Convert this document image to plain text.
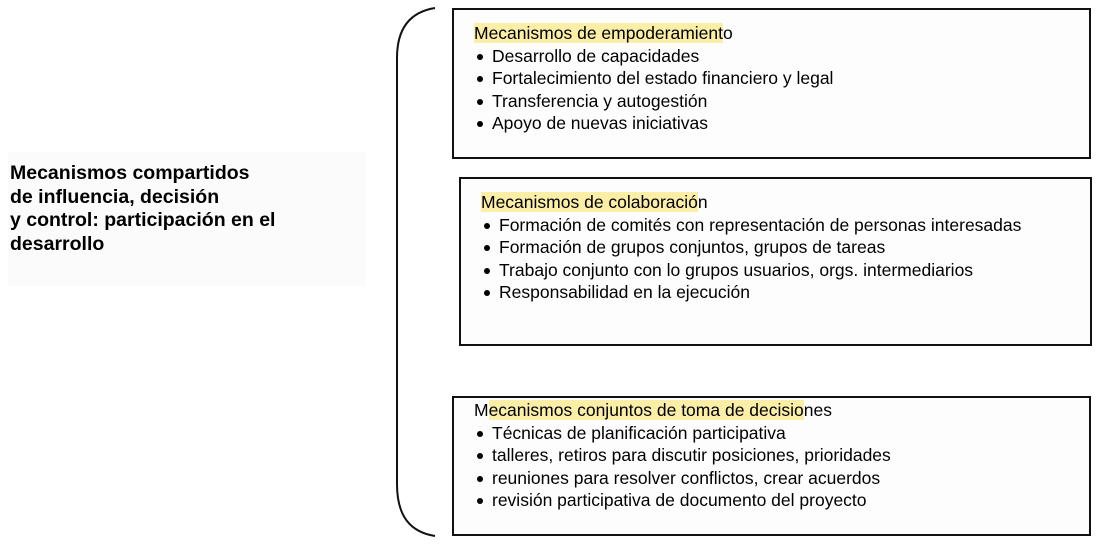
Mecanismos compartidos
de influencia, decisión
y control: participación en el
desarrollo

Mecanismos de empoderamiento
Desarrollo de capacidades
Fortalecimiento del estado financiero y legal
Transferencia y autogestión
Apoyo de nuevas iniciativas
Mecanismos de colaboración
Formación de comités con representación de personas interesadas
Formación de grupos conjuntos, grupos de tareas
Trabajo conjunto con lo grupos usuarios, orgs. intermediarios
Responsabilidad en la ejecución
Mecanismos conjuntos de toma de decisiones
Técnicas de planificación participativa
talleres, retiros para discutir posiciones, prioridades
reuniones para resolver conflictos, crear acuerdos
revisión participativa de documento del proyecto
